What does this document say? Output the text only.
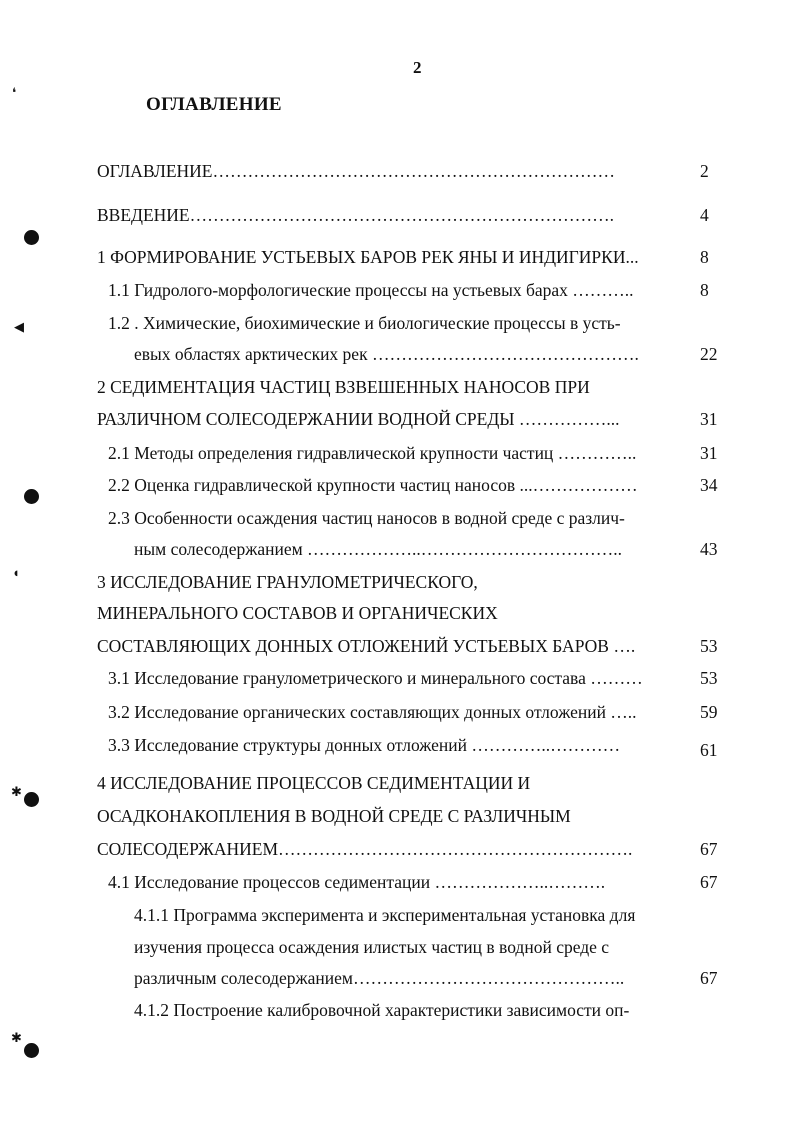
2
ОГЛАВЛЕНИЕ
ОГЛАВЛЕНИЕ……………………………………………………………	2
ВВЕДЕНИЕ……………………………………………………………….	4
1 ФОРМИРОВАНИЕ УСТЬЕВЫХ БАРОВ РЕК ЯНЫ И ИНДИГИРКИ...	8
1.1 Гидролого-морфологические процессы на устьевых барах ………..	8
1.2 . Химические, биохимические и биологические процессы в усть-
евых областях арктических рек ……………………………………….	22
2 СЕДИМЕНТАЦИЯ ЧАСТИЦ ВЗВЕШЕННЫХ НАНОСОВ ПРИ
РАЗЛИЧНОМ СОЛЕСОДЕРЖАНИИ ВОДНОЙ СРЕДЫ ……………...	31
2.1 Методы определения гидравлической крупности частиц …………..	31
2.2 Оценка гидравлической крупности частиц наносов ...………………	34
2.3 Особенности осаждения частиц наносов в водной среде с различ-
ным солесодержанием ………………..……………………………..	43
3 ИССЛЕДОВАНИЕ ГРАНУЛОМЕТРИЧЕСКОГО,
МИНЕРАЛЬНОГО СОСТАВОВ И ОРГАНИЧЕСКИХ
СОСТАВЛЯЮЩИХ ДОННЫХ ОТЛОЖЕНИЙ УСТЬЕВЫХ БАРОВ ….	53
3.1 Исследование гранулометрического и минерального состава ………	53
3.2 Исследование органических составляющих донных отложений …..	59
3.3 Исследование структуры донных отложений …………..…………	61
4 ИССЛЕДОВАНИЕ ПРОЦЕССОВ СЕДИМЕНТАЦИИ И
ОСАДКОНАКОПЛЕНИЯ В ВОДНОЙ СРЕДЕ С РАЗЛИЧНЫМ
СОЛЕСОДЕРЖАНИЕМ…………………………………………………….	67
4.1 Исследование процессов седиментации ………………..……….	67
4.1.1 Программа эксперимента и экспериментальная установка для
изучения процесса осаждения илистых частиц в водной среде с
различным солесодержанием………………………………………..	67
4.1.2 Построение калибровочной характеристики зависимости оп-
❛
◀
◖
✱
✱
